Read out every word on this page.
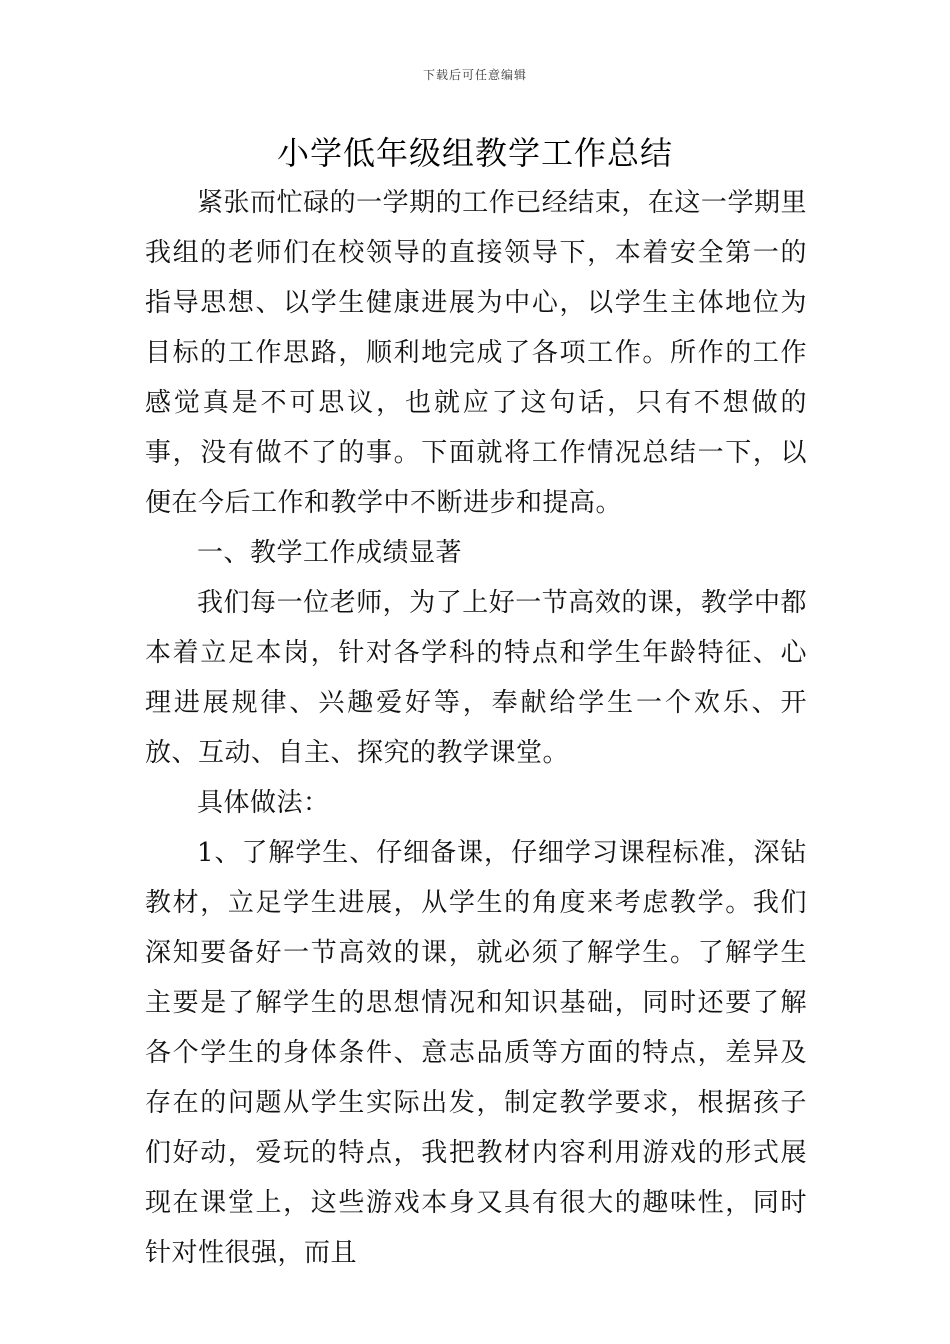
下载后可任意编辑
小学低年级组教学工作总结

紧张而忙碌的一学期的工作已经结束，在这一学期里我组的老师们在校领导的直接领导下，本着安全第一的指导思想、以学生健康进展为中心，以学生主体地位为目标的工作思路，顺利地完成了各项工作。所作的工作感觉真是不可思议，也就应了这句话，只有不想做的事，没有做不了的事。下面就将工作情况总结一下，以便在今后工作和教学中不断进步和提高。

一、教学工作成绩显著

我们每一位老师，为了上好一节高效的课，教学中都本着立足本岗，针对各学科的特点和学生年龄特征、心理进展规律、兴趣爱好等，奉献给学生一个欢乐、开放、互动、自主、探究的教学课堂。

具体做法：

1、了解学生、仔细备课，仔细学习课程标准，深钻教材，立足学生进展，从学生的角度来考虑教学。我们深知要备好一节高效的课，就必须了解学生。了解学生主要是了解学生的思想情况和知识基础，同时还要了解各个学生的身体条件、意志品质等方面的特点，差异及存在的问题从学生实际出发，制定教学要求，根据孩子们好动，爱玩的特点，我把教材内容利用游戏的形式展现在课堂上，这些游戏本身又具有很大的趣味性，同时针对性很强，而且
